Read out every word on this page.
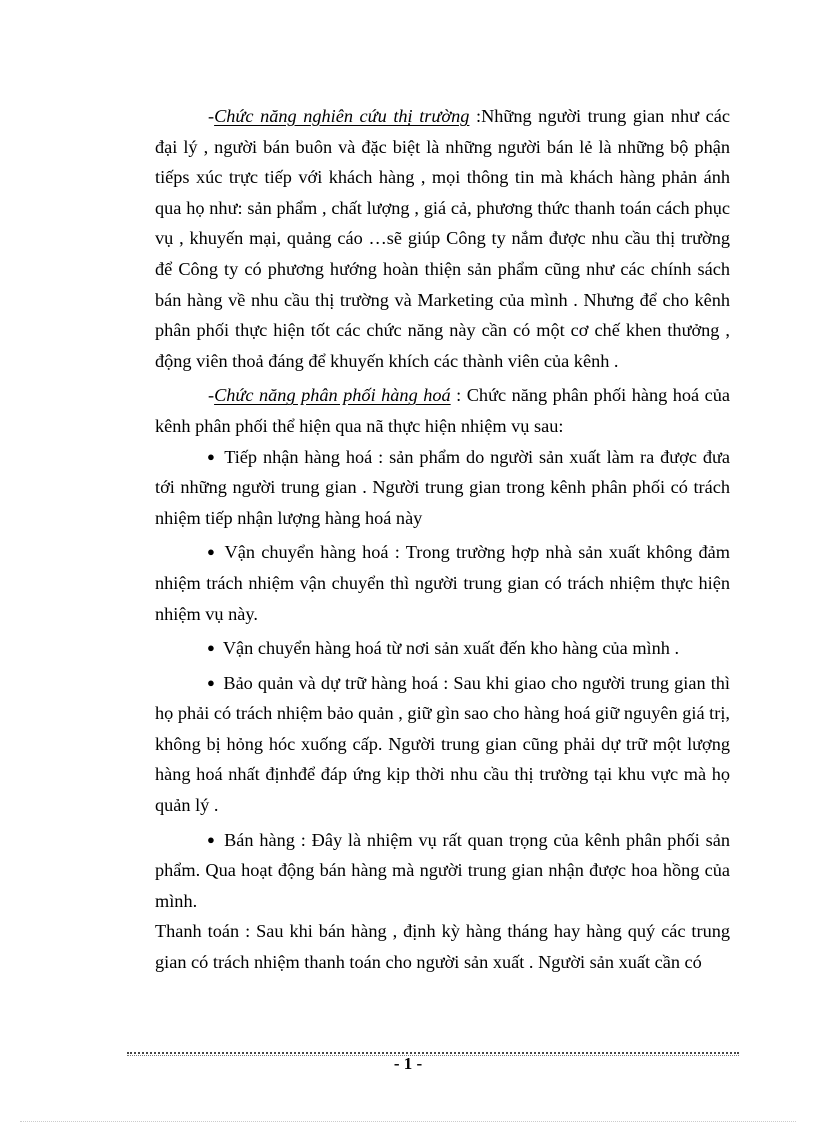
-Chức năng nghiên cứu thị trường :Những người trung gian như các đại lý , người bán buôn và đặc biệt là những người bán lẻ là những bộ phận tiếps xúc trực tiếp với khách hàng , mọi thông tin mà khách hàng phản ánh qua họ như: sản phẩm , chất lượng , giá cả, phương thức thanh toán cách phục vụ , khuyến mại, quảng cáo …sẽ giúp Công ty nắm được nhu cầu thị trường để Công ty có phương hướng hoàn thiện sản phẩm cũng như các chính sách bán hàng về nhu cầu thị trường và Marketing của mình . Nhưng để cho kênh phân phối thực hiện tốt các chức năng này cần có một cơ chế khen thưởng , động viên thoả đáng để khuyến khích các thành viên của kênh .

-Chức năng phân phối hàng hoá : Chức năng phân phối hàng hoá của kênh phân phối thể hiện qua nã thực hiện nhiệm vụ sau:

● Tiếp nhận hàng hoá : sản phẩm do người sản xuất làm ra được đưa tới những người trung gian . Người trung gian trong kênh phân phối có trách nhiệm tiếp nhận lượng hàng hoá này

● Vận chuyển hàng hoá : Trong trường hợp nhà sản xuất không đảm nhiệm trách nhiệm vận chuyển thì người trung gian có trách nhiệm thực hiện nhiệm vụ này.

● Vận chuyển hàng hoá từ nơi sản xuất đến kho hàng của mình .

● Bảo quản và dự trữ hàng hoá : Sau khi giao cho người trung gian thì họ phải có trách nhiệm bảo quản , giữ gìn sao cho hàng hoá giữ nguyên giá trị, không bị hỏng hóc xuống cấp. Người trung gian cũng phải dự trữ một lượng hàng hoá nhất địnhđể đáp ứng kịp thời nhu cầu thị trường tại khu vực mà họ quản lý .

● Bán hàng : Đây là nhiệm vụ rất quan trọng của kênh phân phối sản phẩm. Qua hoạt động bán hàng mà người trung gian nhận được hoa hồng của mình.

Thanh toán : Sau khi bán hàng , định kỳ hàng tháng hay hàng quý các trung gian có trách nhiệm thanh toán cho người sản xuất . Người sản xuất cần có

- 1 -
